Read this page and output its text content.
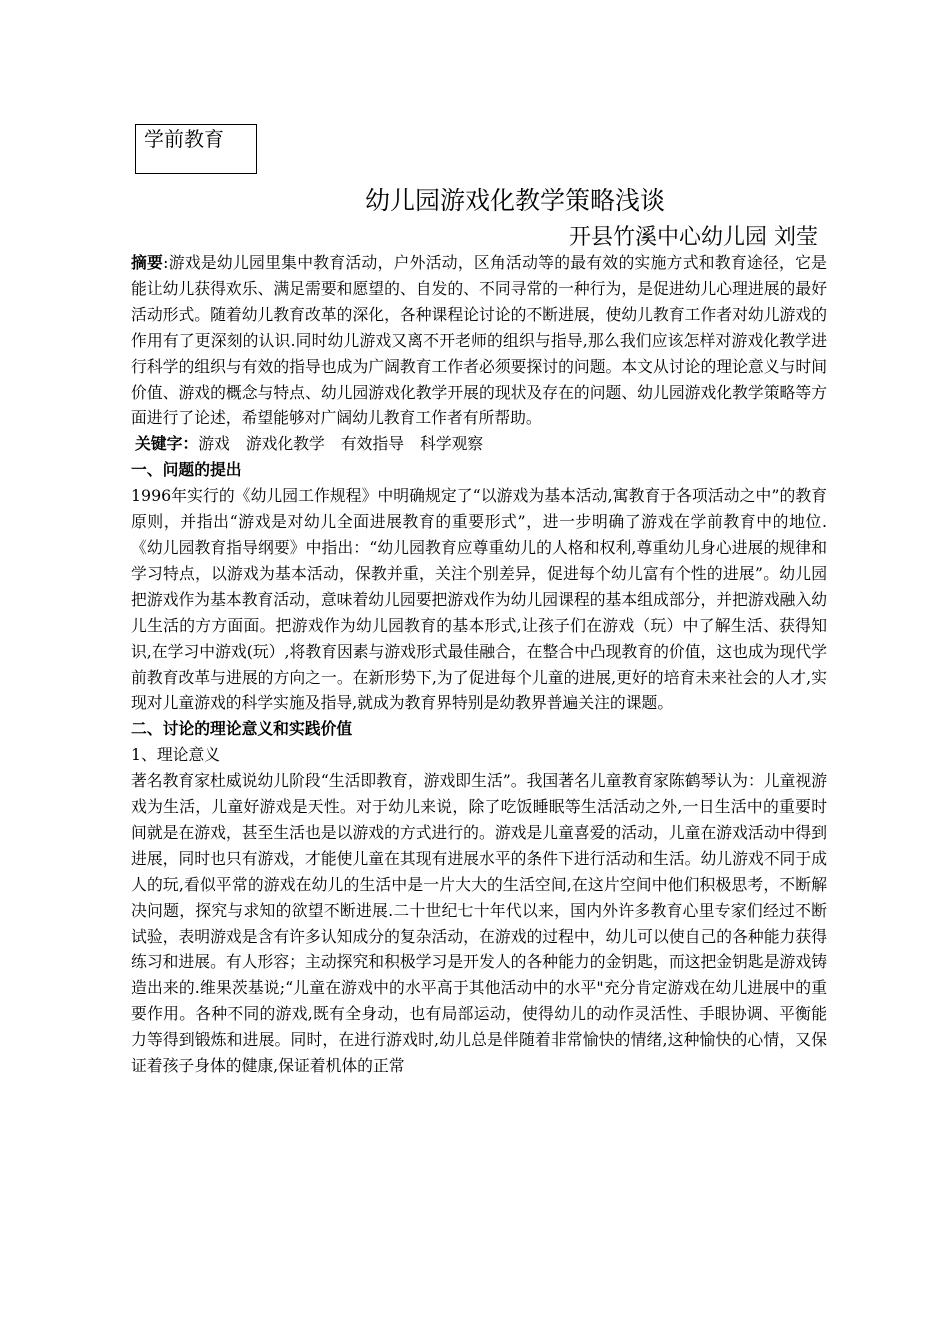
学前教育
幼儿园游戏化教学策略浅谈
开县竹溪中心幼儿园 刘莹

摘要:游戏是幼儿园里集中教育活动，户外活动，区角活动等的最有效的实施方式和教育途径，它是能让幼儿获得欢乐、满足需要和愿望的、自发的、不同寻常的一种行为，是促进幼儿心理进展的最好活动形式。随着幼儿教育改革的深化，各种课程论讨论的不断进展，使幼儿教育工作者对幼儿游戏的作用有了更深刻的认识.同时幼儿游戏又离不开老师的组织与指导,那么我们应该怎样对游戏化教学进行科学的组织与有效的指导也成为广阔教育工作者必须要探讨的问题。本文从讨论的理论意义与时间价值、游戏的概念与特点、幼儿园游戏化教学开展的现状及存在的问题、幼儿园游戏化教学策略等方面进行了论述，希望能够对广阔幼儿教育工作者有所帮助。

关键字：游戏 游戏化教学 有效指导 科学观察

一、问题的提出

1996年实行的《幼儿园工作规程》中明确规定了“以游戏为基本活动,寓教育于各项活动之中”的教育原则，并指出“游戏是对幼儿全面进展教育的重要形式”，进一步明确了游戏在学前教育中的地位.《幼儿园教育指导纲要》中指出：“幼儿园教育应尊重幼儿的人格和权利,尊重幼儿身心进展的规律和学习特点，以游戏为基本活动，保教并重，关注个别差异，促进每个幼儿富有个性的进展”。幼儿园把游戏作为基本教育活动，意味着幼儿园要把游戏作为幼儿园课程的基本组成部分，并把游戏融入幼儿生活的方方面面。把游戏作为幼儿园教育的基本形式,让孩子们在游戏（玩）中了解生活、获得知识,在学习中游戏(玩）,将教育因素与游戏形式最佳融合，在整合中凸现教育的价值，这也成为现代学前教育改革与进展的方向之一。在新形势下,为了促进每个儿童的进展,更好的培育未来社会的人才,实现对儿童游戏的科学实施及指导,就成为教育界特别是幼教界普遍关注的课题。

二、讨论的理论意义和实践价值

1、理论意义

著名教育家杜威说幼儿阶段“生活即教育，游戏即生活”。我国著名儿童教育家陈鹤琴认为：儿童视游戏为生活，儿童好游戏是天性。对于幼儿来说，除了吃饭睡眠等生活活动之外,一日生活中的重要时间就是在游戏，甚至生活也是以游戏的方式进行的。游戏是儿童喜爱的活动，儿童在游戏活动中得到进展，同时也只有游戏，才能使儿童在其现有进展水平的条件下进行活动和生活。幼儿游戏不同于成人的玩,看似平常的游戏在幼儿的生活中是一片大大的生活空间,在这片空间中他们积极思考，不断解决问题，探究与求知的欲望不断进展.二十世纪七十年代以来，国内外许多教育心里专家们经过不断试验，表明游戏是含有许多认知成分的复杂活动，在游戏的过程中，幼儿可以使自己的各种能力获得练习和进展。有人形容；主动探究和积极学习是开发人的各种能力的金钥匙，而这把金钥匙是游戏铸造出来的.维果茨基说;“儿童在游戏中的水平高于其他活动中的水平"充分肯定游戏在幼儿进展中的重要作用。各种不同的游戏,既有全身动，也有局部运动，使得幼儿的动作灵活性、手眼协调、平衡能力等得到锻炼和进展。同时，在进行游戏时,幼儿总是伴随着非常愉快的情绪,这种愉快的心情，又保证着孩子身体的健康,保证着机体的正常
